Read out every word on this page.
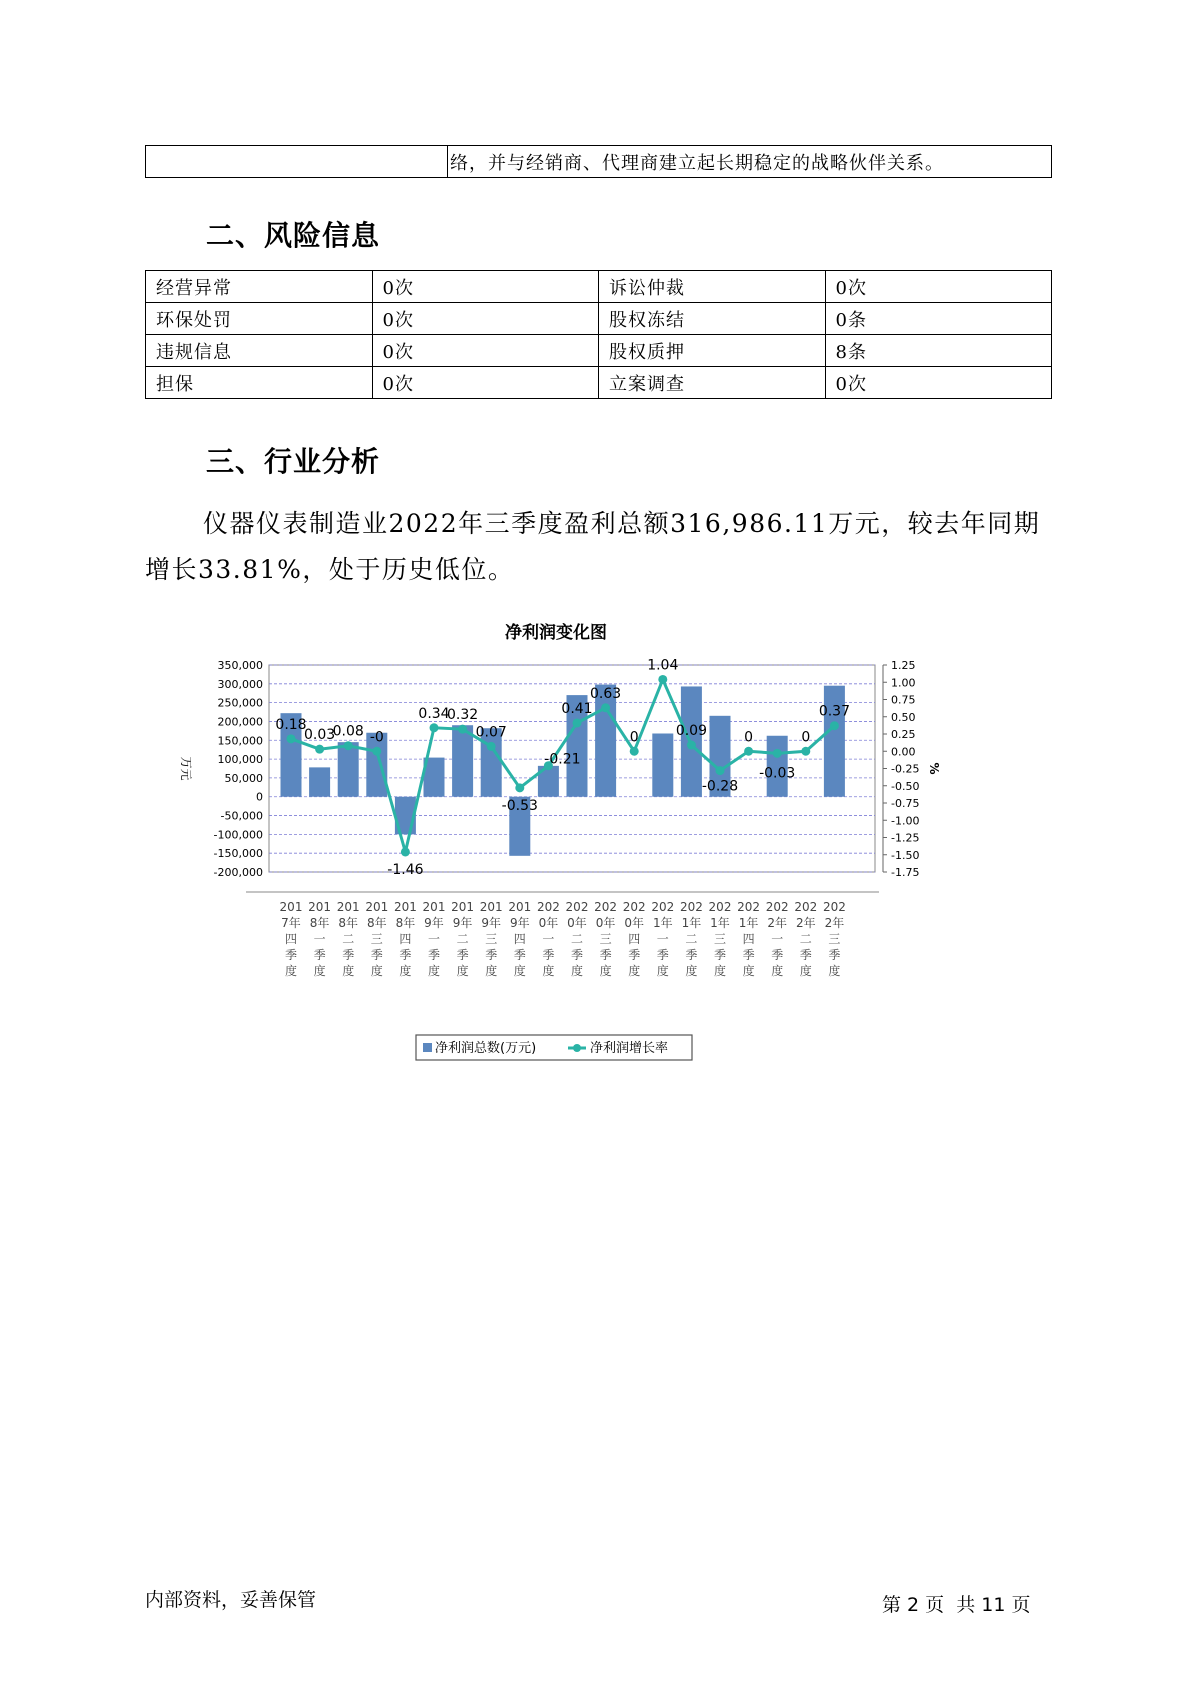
	络，并与经销商、代理商建立起长期稳定的战略伙伴关系。
二、风险信息
经营异常	0次	诉讼仲裁	0次
环保处罚	0次	股权冻结	0条
违规信息	0次	股权质押	8条
担保	0次	立案调查	0次
三、行业分析
仪器仪表制造业2022年三季度盈利总额316,986.11万元，较去年同期
增长33.81%，处于历史低位。
净利润变化图
350,000
300,000
250,000
200,000
150,000
100,000
50,000
0
-50,000
-100,000
-150,000
-200,000
1.25
1.00
0.75
0.50
0.25
0.00
-0.25
-0.50
-0.75
-1.00
-1.25
-1.50
-1.75
万元	%
0.18
0.03
0.08 -0
-1.46
0.34
0.32
0.07
-0.53
-0.21
0.41
0.63
0
1.04
0.09
-0.28
0
-0.03
0
0.37
201
7年
四
季
度
201
8年
一
季
度
201
8年
二
季
度
201
8年
三
季
度
201
8年
四
季
度
201
9年
一
季
度
201
9年
二
季
度
201
9年
三
季
度
201
9年
四
季
度
202
0年
一
季
度
202
0年
二
季
度
202
0年
三
季
度
202
0年
四
季
度
202
1年
一
季
度
202
1年
二
季
度
202
1年
三
季
度
202
1年
四
季
度
202
2年
一
季
度
202
2年
二
季
度
202
2年
三
季
度
净利润总数(万元)	净利润增长率
内部资料，妥善保管	第 2 页  共 11 页
